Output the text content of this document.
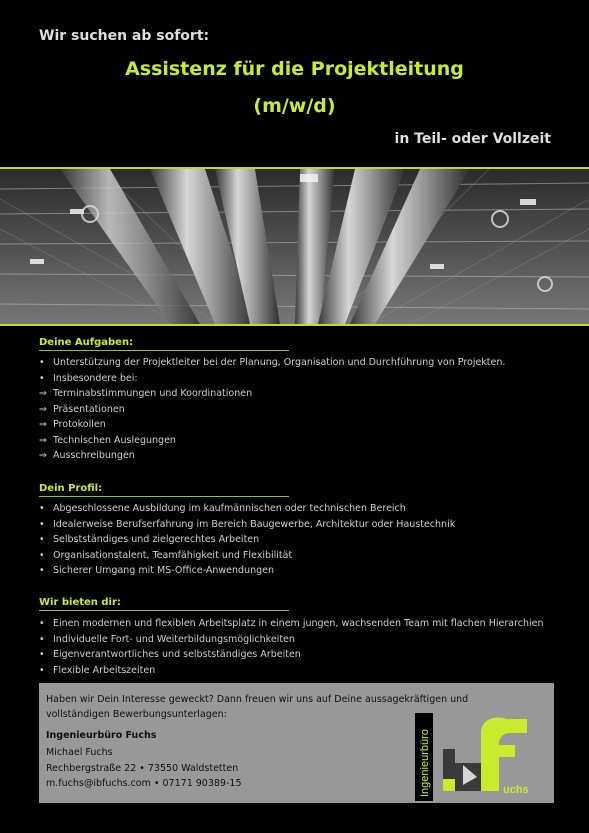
Wir suchen ab sofort:
Assistenz für die Projektleitung
(m/w/d)
in Teil- oder Vollzeit
Deine Aufgaben:
• Unterstützung der Projektleiter bei der Planung, Organisation und Durchführung von Projekten.
• Insbesondere bei:
⇒ Terminabstimmungen und Koordinationen
⇒ Präsentationen
⇒ Protokollen
⇒ Technischen Auslegungen
⇒ Ausschreibungen
Dein Profil:
• Abgeschlossene Ausbildung im kaufmännischen oder technischen Bereich
• Idealerweise Berufserfahrung im Bereich Baugewerbe, Architektur oder Haustechnik
• Selbstständiges und zielgerechtes Arbeiten
• Organisationstalent, Teamfähigkeit und Flexibilität
• Sicherer Umgang mit MS-Office-Anwendungen
Wir bieten dir:
• Einen modernen und flexiblen Arbeitsplatz in einem jungen, wachsenden Team mit flachen Hierarchien
• Individuelle Fort- und Weiterbildungsmöglichkeiten
• Eigenverantwortliches und selbstständiges Arbeiten
• Flexible Arbeitszeiten
Haben wir Dein Interesse geweckt? Dann freuen wir uns auf Deine aussagekräftigen und vollständigen Bewerbungsunterlagen:
Ingenieurbüro Fuchs
Michael Fuchs
Rechbergstraße 22 • 73550 Waldstetten
m.fuchs@ibfuchs.com • 07171 90389-15	Ingenieurbüro	uchs
